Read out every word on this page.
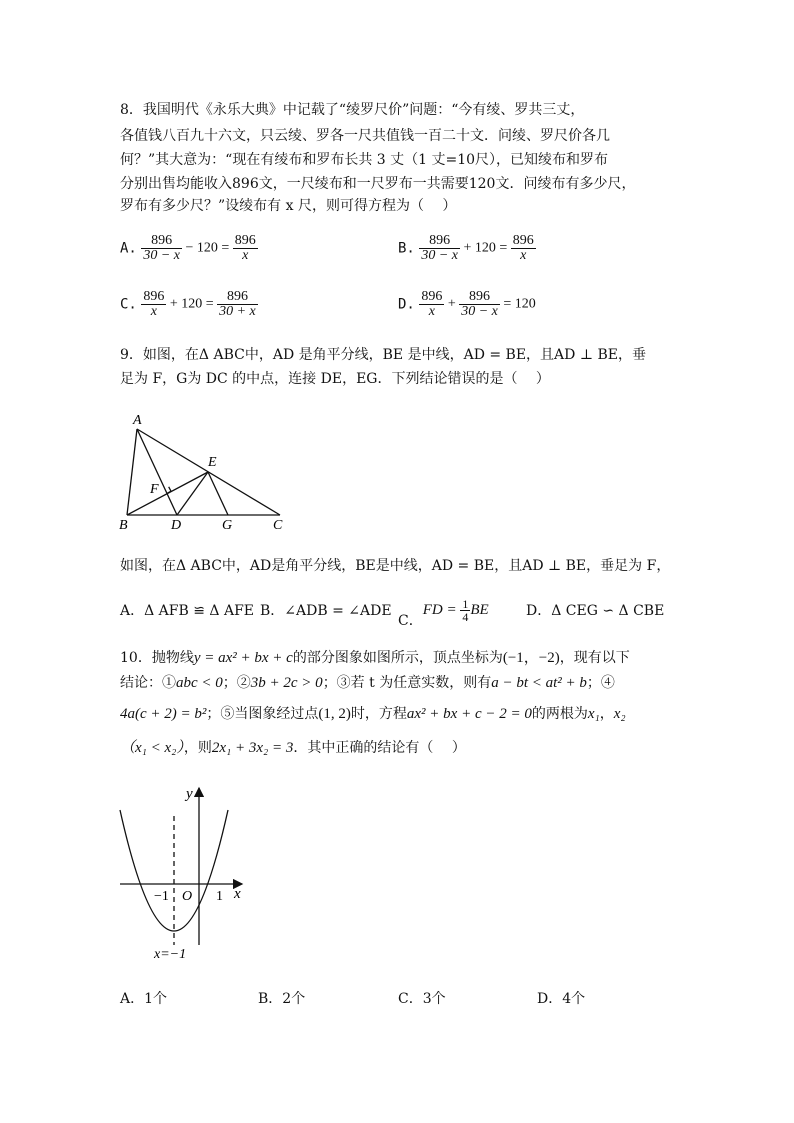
8．我国明代《永乐大典》中记载了“绫罗尺价”问题：“今有绫、罗共三丈，
各值钱八百九十六文，只云绫、罗各一尺共值钱一百二十文．问绫、罗尺价各几
何？”其大意为：“现在有绫布和罗布长共 3 丈（1 丈=10尺），已知绫布和罗布
分别出售均能收入896文，一尺绫布和一尺罗布一共需要120文．问绫布有多少尺，
罗布有多少尺？”设绫布有 x 尺，则可得方程为（　 ）
A. $\frac{896}{30 - x} - 120 = \frac{896}{x}$	B. $\frac{896}{30 - x} + 120 = \frac{896}{x}$
C. $\frac{896}{x} + 120 = \frac{896}{30 + x}$	D. $\frac{896}{x} + \frac{896}{30 - x} = 120$
9．如图，在Δ ABC中，AD 是角平分线，BE 是中线，AD = BE，且AD ⊥ BE，垂
足为 F，G为 DC 的中点，连接 DE，EG．下列结论错误的是（　 ）
A
B	C
D
E
F
G
如图，在Δ ABC中，AD是角平分线，BE是中线，AD = BE，且AD ⊥ BE，垂足为 F，
A．Δ AFB ≌ Δ AFE B．∠ADB = ∠ADE
C．FD = $\frac{1}{4}$ BE	D．Δ CEG ∽ Δ CBE
10．抛物线y = ax² + bx + c的部分图象如图所示，顶点坐标为(−1，−2)，现有以下
结论：①abc < 0；②3b + 2c > 0；③若 t 为任意实数，则有a − bt < at² + b；④
4a(c + 2) = b²；⑤当图象经过点(1, 2)时，方程ax² + bx + c − 2 = 0的两根为x₁，x₂
（x₁ < x₂），则2x₁ + 3x₂ = 3．其中正确的结论有（　 ）
y
x
O
−1	1
x=−1
A．1个	B．2个	C．3个	D．4个
